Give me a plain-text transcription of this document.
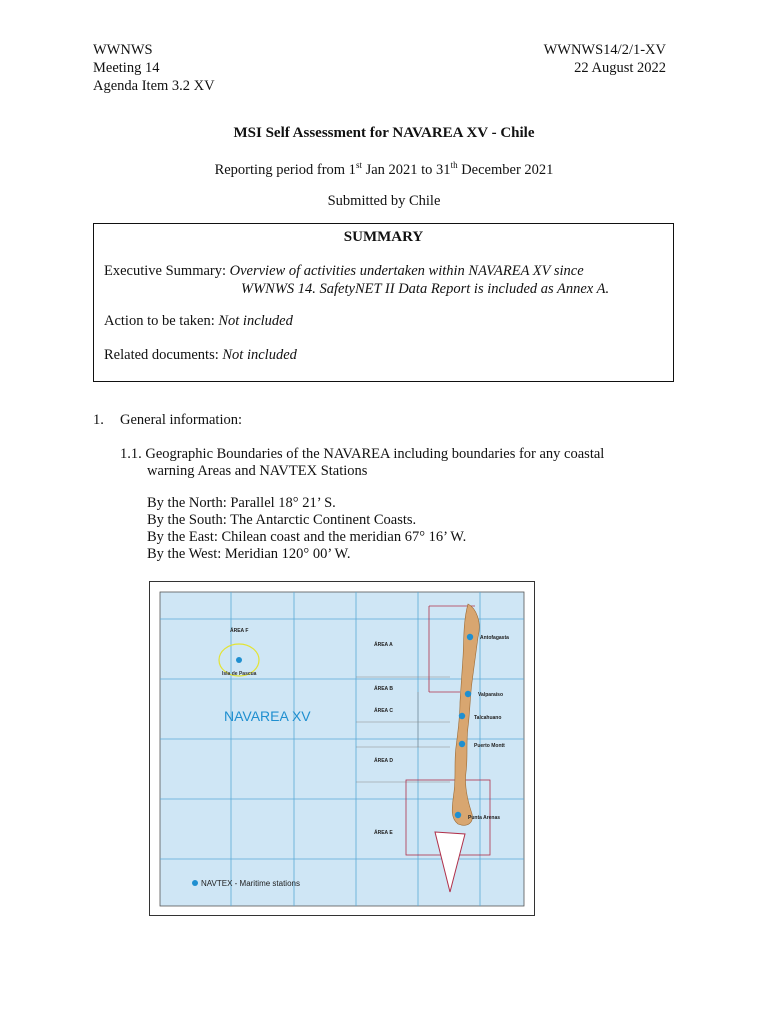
WWNWS
Meeting 14
Agenda Item 3.2 XV
WWNWS14/2/1-XV
22 August 2022
MSI Self Assessment for NAVAREA XV - Chile
Reporting period from 1st Jan 2021 to 31th December 2021
Submitted by Chile
SUMMARY
Executive Summary: Overview of activities undertaken within NAVAREA XV since
WWNWS 14. SafetyNET II Data Report is included as Annex A.
Action to be taken: Not included
Related documents: Not included
1. General information:
1.1. Geographic Boundaries of the NAVAREA including boundaries for any coastal
warning Areas and NAVTEX Stations
By the North: Parallel 18° 21’ S.
By the South: The Antarctic Continent Coasts.
By the East: Chilean coast and the meridian 67° 16’ W.
By the West: Meridian 120° 00’ W.
Isla de Pascua
Antofagasta
Valparaíso
Talcahuano
Puerto Montt
Punta Arenas
ÁREA F
ÁREA A
ÁREA B
ÁREA C
ÁREA D
ÁREA E
NAVAREA XV
NAVTEX - Maritime stations
